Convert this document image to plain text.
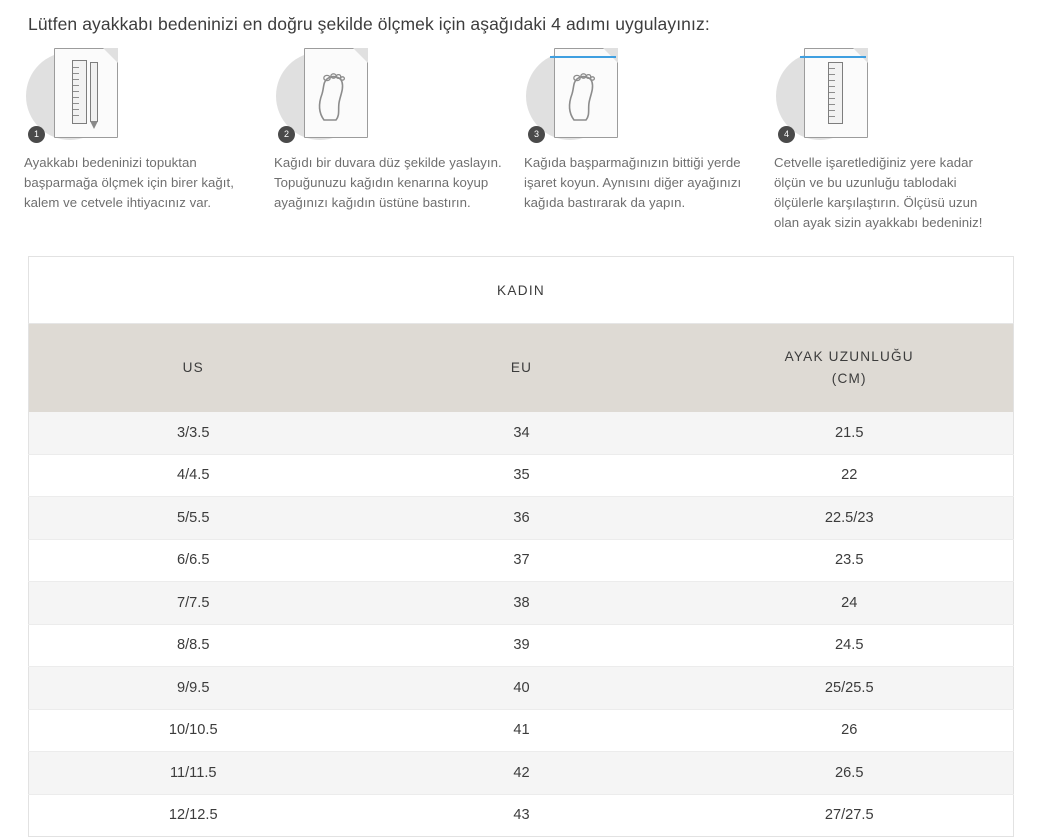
Lütfen ayakkabı bedeninizi en doğru şekilde ölçmek için aşağıdaki 4 adımı uygulayınız:
1
Ayakkabı bedeninizi topuktan başparmağa ölçmek için birer kağıt, kalem ve cetvele ihtiyacınız var.
2
Kağıdı bir duvara düz şekilde yaslayın. Topuğunuzu kağıdın kenarına koyup ayağınızı kağıdın üstüne bastırın.
3
Kağıda başparmağınızın bittiği yerde işaret koyun. Aynısını diğer ayağınızı kağıda bastırarak da yapın.
4
Cetvelle işaretlediğiniz yere kadar ölçün ve bu uzunluğu tablodaki ölçülerle karşılaştırın. Ölçüsü uzun olan ayak sizin ayakkabı bedeniniz!
KADIN		
US	EU	AYAK UZUNLUĞU
(CM)
3/3.5	34	21.5
4/4.5	35	22
5/5.5	36	22.5/23
6/6.5	37	23.5
7/7.5	38	24
8/8.5	39	24.5
9/9.5	40	25/25.5
10/10.5	41	26
11/11.5	42	26.5
12/12.5	43	27/27.5
